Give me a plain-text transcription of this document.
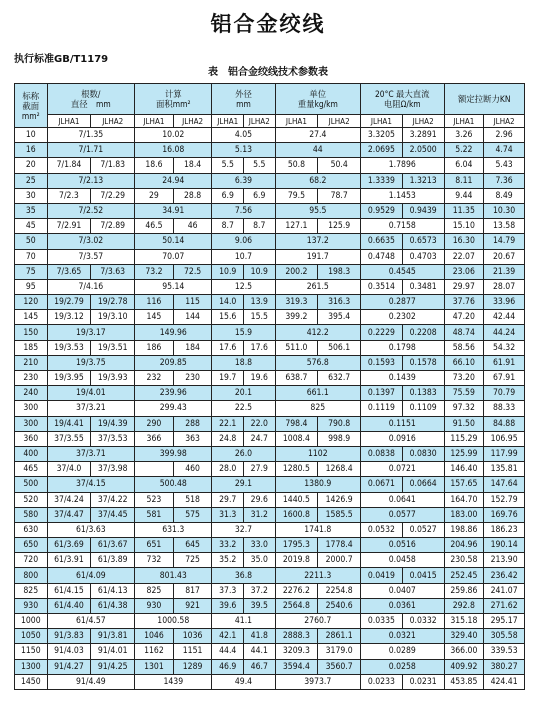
铝合金绞线
执行标准GB/T1179
表　铝合金绞线技术参数表
标称
截面
mm²	根数/
直径　mm		计算
面积mm²		外径
mm		单位
重量kg/km		20°C 最大直流
电阻Ω/km		额定拉断力KN	
	JLHA1	JLHA2	JLHA1	JLHA2	JLHA1	JLHA2	JLHA1	JLHA2	JLHA1	JLHA2	JLHA1	JLHA2
10	7/1.35		10.02		4.05		27.4		3.3205	3.2891	3.26	2.96
16	7/1.71		16.08		5.13		44		2.0695	2.0500	5.22	4.74
20	7/1.84	7/1.83	18.6	18.4	5.5	5.5	50.8	50.4	1.7896		6.04	5.43
25	7/2.13		24.94		6.39		68.2		1.3339	1.3213	8.11	7.36
30	7/2.3	7/2.29	29	28.8	6.9	6.9	79.5	78.7	1.1453		9.44	8.49
35	7/2.52		34.91		7.56		95.5		0.9529	0.9439	11.35	10.30
45	7/2.91	7/2.89	46.5	46	8.7	8.7	127.1	125.9	0.7158		15.10	13.58
50	7/3.02		50.14		9.06		137.2		0.6635	0.6573	16.30	14.79
70	7/3.57		70.07		10.7		191.7		0.4748	0.4703	22.07	20.67
75	7/3.65	7/3.63	73.2	72.5	10.9	10.9	200.2	198.3	0.4545		23.06	21.39
95	7/4.16		95.14		12.5		261.5		0.3514	0.3481	29.97	28.07
120	19/2.79	19/2.78	116	115	14.0	13.9	319.3	316.3	0.2877		37.76	33.96
145	19/3.12	19/3.10	145	144	15.6	15.5	399.2	395.4	0.2302		47.20	42.44
150	19/3.17		149.96		15.9		412.2		0.2229	0.2208	48.74	44.24
185	19/3.53	19/3.51	186	184	17.6	17.6	511.0	506.1	0.1798		58.56	54.32
210	19/3.75		209.85		18.8		576.8		0.1593	0.1578	66.10	61.91
230	19/3.95	19/3.93	232	230	19.7	19.6	638.7	632.7	0.1439		73.20	67.91
240	19/4.01		239.96		20.1		661.1		0.1397	0.1383	75.59	70.79
300	37/3.21		299.43		22.5		825		0.1119	0.1109	97.32	88.33
300	19/4.41	19/4.39	290	288	22.1	22.0	798.4	790.8	0.1151		91.50	84.88
360	37/3.55	37/3.53	366	363	24.8	24.7	1008.4	998.9	0.0916		115.29	106.95
400	37/3.71		399.98		26.0		1102		0.0838	0.0830	125.99	117.99
465	37/4.0	37/3.98		460	28.0	27.9	1280.5	1268.4	0.0721		146.40	135.81
500	37/4.15		500.48		29.1		1380.9		0.0671	0.0664	157.65	147.64
520	37/4.24	37/4.22	523	518	29.7	29.6	1440.5	1426.9	0.0641		164.70	152.79
580	37/4.47	37/4.45	581	575	31.3	31.2	1600.8	1585.5	0.0577		183.00	169.76
630	61/3.63		631.3		32.7		1741.8		0.0532	0.0527	198.86	186.23
650	61/3.69	61/3.67	651	645	33.2	33.0	1795.3	1778.4	0.0516		204.96	190.14
720	61/3.91	61/3.89	732	725	35.2	35.0	2019.8	2000.7	0.0458		230.58	213.90
800	61/4.09		801.43		36.8		2211.3		0.0419	0.0415	252.45	236.42
825	61/4.15	61/4.13	825	817	37.3	37.2	2276.2	2254.8	0.0407		259.86	241.07
930	61/4.40	61/4.38	930	921	39.6	39.5	2564.8	2540.6	0.0361		292.8	271.62
1000	61/4.57		1000.58		41.1		2760.7		0.0335	0.0332	315.18	295.17
1050	91/3.83	91/3.81	1046	1036	42.1	41.8	2888.3	2861.1	0.0321		329.40	305.58
1150	91/4.03	91/4.01	1162	1151	44.4	44.1	3209.3	3179.0	0.0289		366.00	339.53
1300	91/4.27	91/4.25	1301	1289	46.9	46.7	3594.4	3560.7	0.0258		409.92	380.27
1450	91/4.49		1439		49.4		3973.7		0.0233	0.0231	453.85	424.41
